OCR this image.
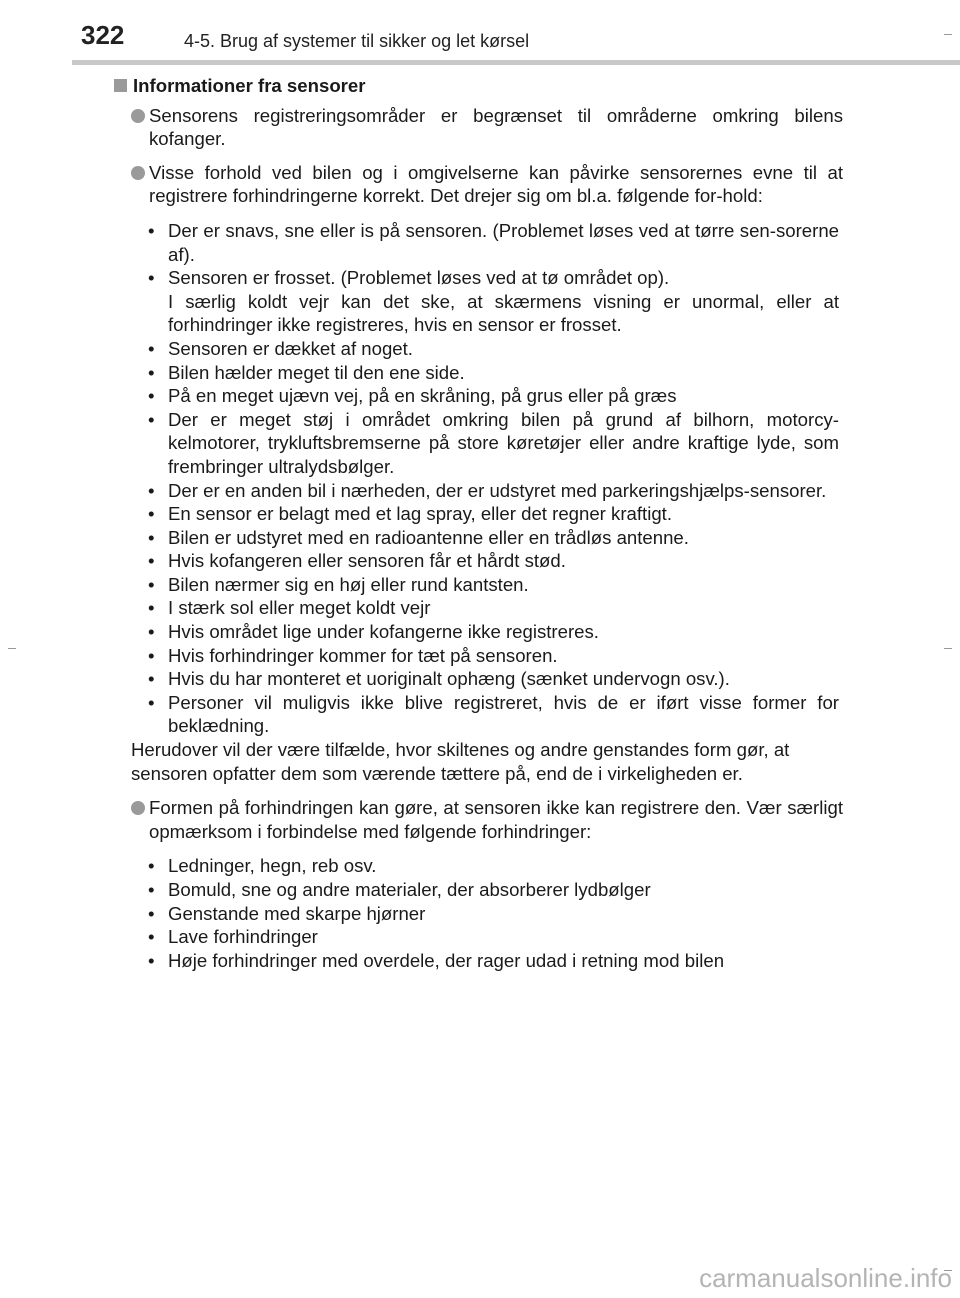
322	4-5. Brug af systemer til sikker og let kørsel
Informationer fra sensorer
Sensorens registreringsområder er begrænset til områderne omkring bilens kofanger.
Visse forhold ved bilen og i omgivelserne kan påvirke sensorernes evne til at registrere forhindringerne korrekt. Det drejer sig om bl.a. følgende for-hold:
• Der er snavs, sne eller is på sensoren. (Problemet løses ved at tørre sen-sorerne af).
• Sensoren er frosset. (Problemet løses ved at tø området op).
I særlig koldt vejr kan det ske, at skærmens visning er unormal, eller at forhindringer ikke registreres, hvis en sensor er frosset.
• Sensoren er dækket af noget.
• Bilen hælder meget til den ene side.
• På en meget ujævn vej, på en skråning, på grus eller på græs
• Der er meget støj i området omkring bilen på grund af bilhorn, motorcy-kelmotorer, trykluftsbremserne på store køretøjer eller andre kraftige lyde, som frembringer ultralydsbølger.
• Der er en anden bil i nærheden, der er udstyret med parkeringshjælps-sensorer.
• En sensor er belagt med et lag spray, eller det regner kraftigt.
• Bilen er udstyret med en radioantenne eller en trådløs antenne.
• Hvis kofangeren eller sensoren får et hårdt stød.
• Bilen nærmer sig en høj eller rund kantsten.
• I stærk sol eller meget koldt vejr
• Hvis området lige under kofangerne ikke registreres.
• Hvis forhindringer kommer for tæt på sensoren.
• Hvis du har monteret et uoriginalt ophæng (sænket undervogn osv.).
• Personer vil muligvis ikke blive registreret, hvis de er iført visse former for beklædning.
Herudover vil der være tilfælde, hvor skiltenes og andre genstandes form gør, at sensoren opfatter dem som værende tættere på, end de i virkeligheden er.
Formen på forhindringen kan gøre, at sensoren ikke kan registrere den. Vær særligt opmærksom i forbindelse med følgende forhindringer:
• Ledninger, hegn, reb osv.
• Bomuld, sne og andre materialer, der absorberer lydbølger
• Genstande med skarpe hjørner
• Lave forhindringer
• Høje forhindringer med overdele, der rager udad i retning mod bilen
carmanualsonline.info
